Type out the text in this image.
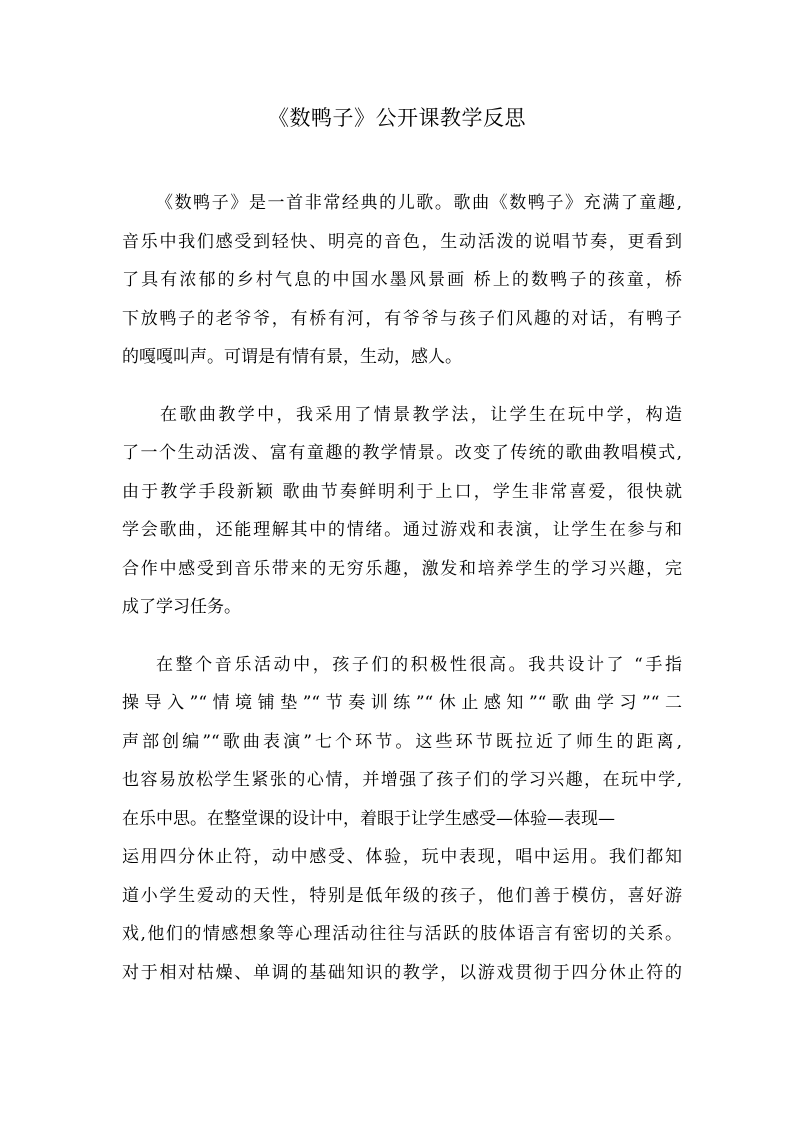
《数鸭子》公开课教学反思

《数鸭子》是一首非常经典的儿歌。歌曲《数鸭子》充满了童趣,
音乐中我们感受到轻快、明亮的音色，生动活泼的说唱节奏，更看到
了具有浓郁的乡村气息的中国水墨风景画 桥上的数鸭子的孩童，桥
下放鸭子的老爷爷，有桥有河，有爷爷与孩子们风趣的对话，有鸭子
的嘎嘎叫声。可谓是有情有景，生动，感人。

在歌曲教学中，我采用了情景教学法，让学生在玩中学，构造
了一个生动活泼、富有童趣的教学情景。改变了传统的歌曲教唱模式,
由于教学手段新颖 歌曲节奏鲜明利于上口，学生非常喜爱，很快就
学会歌曲，还能理解其中的情绪。通过游戏和表演，让学生在参与和
合作中感受到音乐带来的无穷乐趣，激发和培养学生的学习兴趣，完
成了学习任务。

在整个音乐活动中，孩子们的积极性很高。我共设计了 “手指
操导入”“情境铺垫”“节奏训练”“休止感知”“歌曲学习”“二
声部创编”“歌曲表演”七个环节。这些环节既拉近了师生的距离,
也容易放松学生紧张的心情，并增强了孩子们的学习兴趣，在玩中学,
在乐中思。在整堂课的设计中，着眼于让学生感受—体验—表现—
运用四分休止符，动中感受、体验，玩中表现，唱中运用。我们都知
道小学生爱动的天性，特别是低年级的孩子，他们善于模仿，喜好游
戏,他们的情感想象等心理活动往往与活跃的肢体语言有密切的关系。
对于相对枯燥、单调的基础知识的教学，以游戏贯彻于四分休止符的
